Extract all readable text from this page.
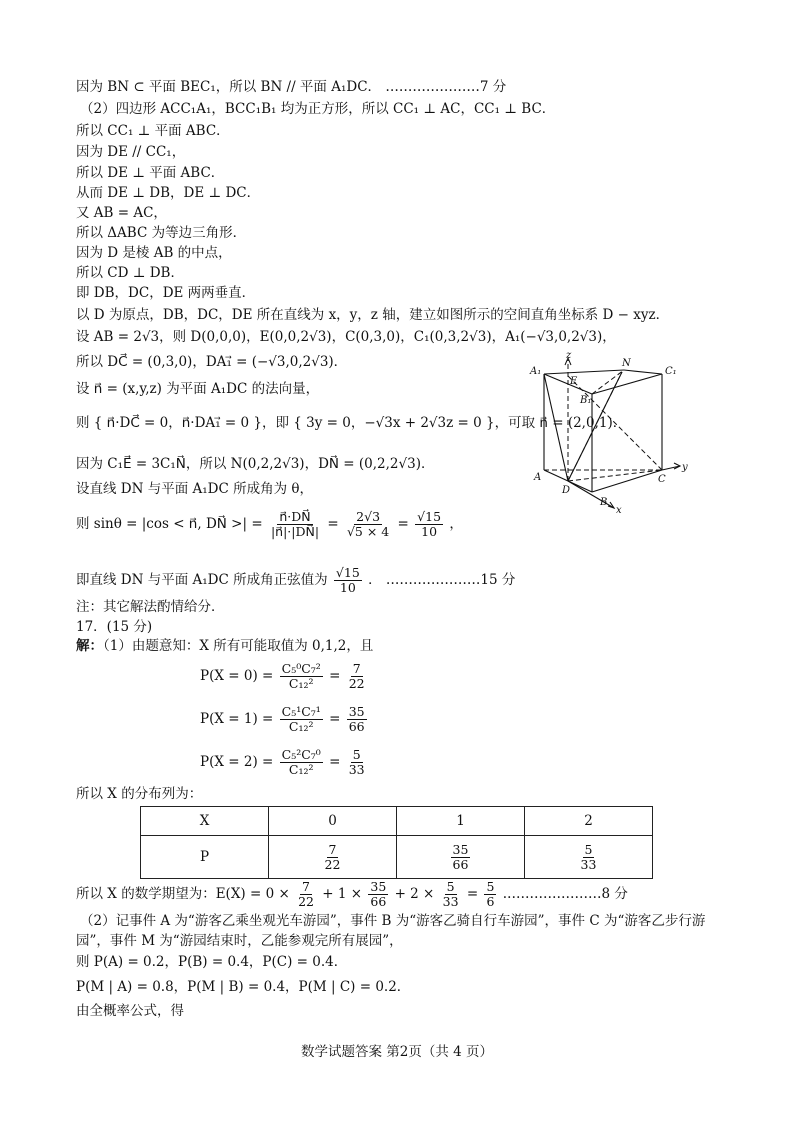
因为 BN ⊂ 平面 BEC₁，所以 BN // 平面 A₁DC． …………………7 分
（2）四边形 ACC₁A₁，BCC₁B₁ 均为正方形，所以 CC₁ ⊥ AC，CC₁ ⊥ BC．
所以 CC₁ ⊥ 平面 ABC．
因为 DE // CC₁，
所以 DE ⊥ 平面 ABC．
从而 DE ⊥ DB，DE ⊥ DC．
又 AB = AC，
所以 ΔABC 为等边三角形．
因为 D 是棱 AB 的中点，
所以 CD ⊥ DB．
即 DB，DC，DE 两两垂直．
以 D 为原点，DB，DC，DE 所在直线为 x，y，z 轴，建立如图所示的空间直角坐标系 D − xyz．
设 AB = 2√3，则 D(0,0,0)，E(0,0,2√3)，C(0,3,0)，C₁(0,3,2√3)，A₁(−√3,0,2√3)，
所以 DC⃗ = (0,3,0)，DA₁⃗ = (−√3,0,2√3)．
设 n⃗ = (x,y,z) 为平面 A₁DC 的法向量，
则 { n⃗·DC⃗ = 0，n⃗·DA₁⃗ = 0 }，即 { 3y = 0，−√3x + 2√3z = 0 }，可取 n⃗ = (2,0,1)．
因为 C₁E⃗ = 3C₁N⃗，所以 N(0,2,2√3)，DN⃗ = (0,2,2√3)．
设直线 DN 与平面 A₁DC 所成角为 θ，
则 sinθ = |cos < n⃗, DN⃗ >| = $\frac{n⃗\cdot DN⃗}{|n⃗|\cdot|DN⃗|} = \frac{2√3}{√5 \times 4} = \frac{√15}{10}$ ，
即直线 DN 与平面 A₁DC 所成角正弦值为 $\frac{√15}{10}$ ． …………………15 分
注：其它解法酌情给分．
17．(15 分)
解：（1）由题意知：X 所有可能取值为 0,1,2，且
$P(X = 0) = \frac{\text{C₅⁰C₇²}}{\text{C₁₂²}} = \frac{7}{22}$
$P(X = 1) = \frac{\text{C₅¹C₇¹}}{\text{C₁₂²}} = \frac{35}{66}$
$P(X = 2) = \frac{\text{C₅²C₇⁰}}{\text{C₁₂²}} = \frac{5}{33}$
所以 X 的分布列为：
X	0	1	2
P	$\frac{7}{22}$	$\frac{35}{66}$	$\frac{5}{33}$
所以 X 的数学期望为：$E(X) = 0 \times \frac{7}{22} + 1 \times \frac{35}{66} + 2 \times \frac{5}{33} = \frac{5}{6}$ .…………………8 分
（2）记事件 A 为“游客乙乘坐观光车游园”，事件 B 为“游客乙骑自行车游园”，事件 C 为“游客乙步行游
园”，事件 M 为“游园结束时，乙能参观完所有展园”，
则 P(A) = 0.2，P(B) = 0.4，P(C) = 0.4．
P(M | A) = 0.8，P(M | B) = 0.4，P(M | C) = 0.2．
由全概率公式，得
z
A₁
N
C₁
E
B₁
A
D
C
y
B
x
数学试题答案 第2页（共 4 页）
